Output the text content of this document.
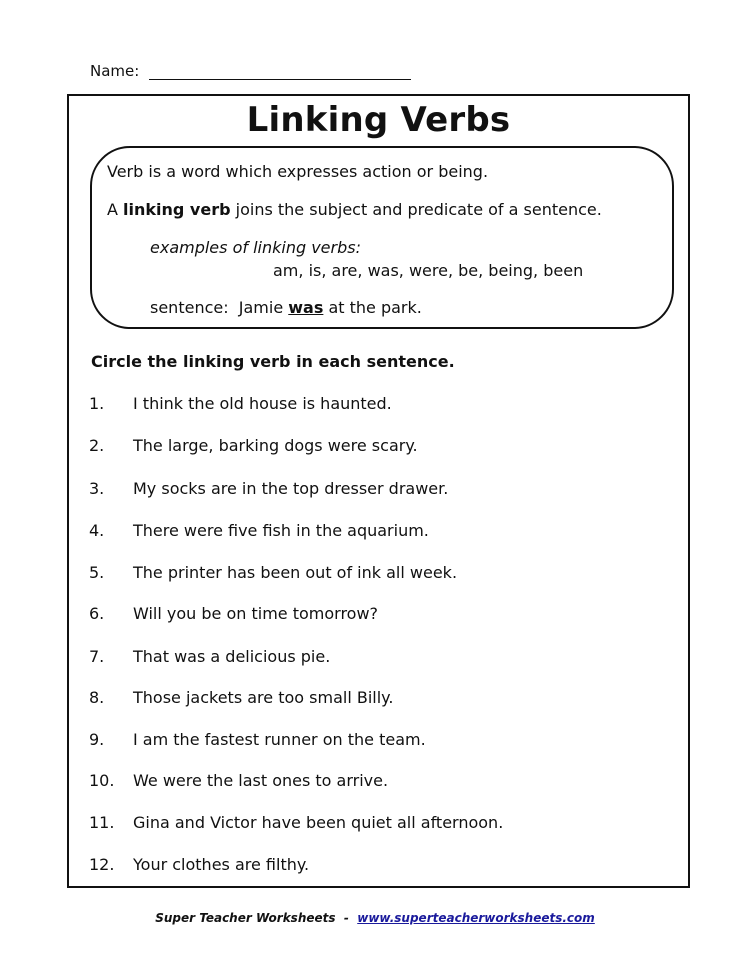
Name:
Linking Verbs
Verb is a word which expresses action or being.
A linking verb joins the subject and predicate of a sentence.
examples of linking verbs:
am, is, are, was, were, be, being, been
sentence:  Jamie was at the park.
Circle the linking verb in each sentence.
1. I think the old house is haunted.
2. The large, barking dogs were scary.
3. My socks are in the top dresser drawer.
4. There were five fish in the aquarium.
5. The printer has been out of ink all week.
6. Will you be on time tomorrow?
7. That was a delicious pie.
8. Those jackets are too small Billy.
9. I am the fastest runner on the team.
10. We were the last ones to arrive.
11. Gina and Victor have been quiet all afternoon.
12. Your clothes are filthy.
Super Teacher Worksheets  -  www.superteacherworksheets.com
